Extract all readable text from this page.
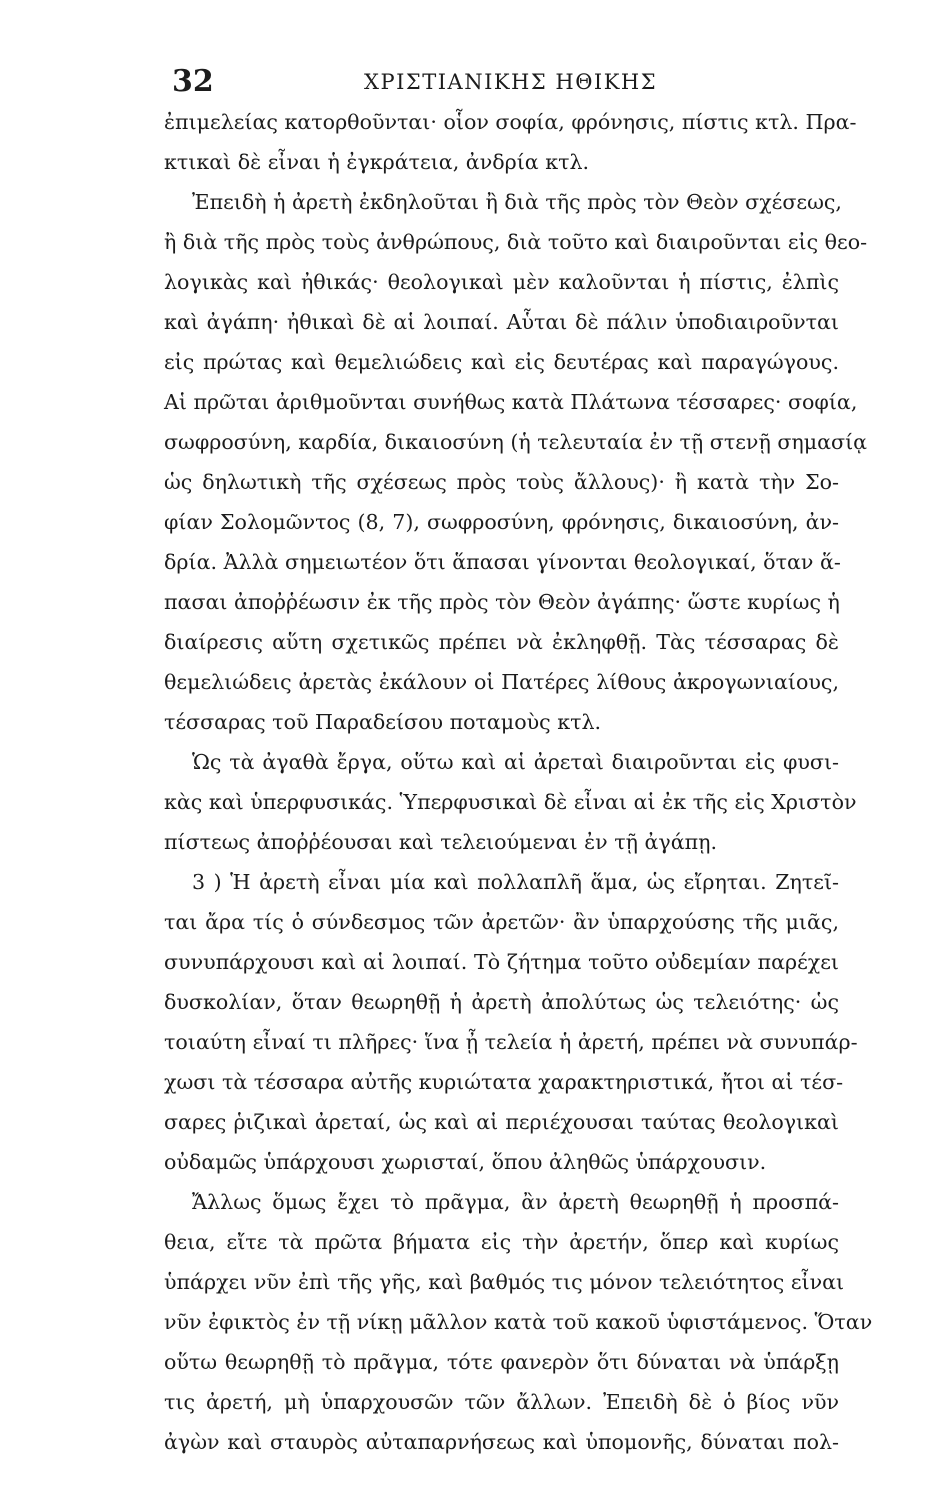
32	ΧΡΙΣΤΙΑΝΙΚΗΣ ΗΘΙΚΗΣ

ἐπιμελείας κατορθοῦνται· οἷον σοφία, φρόνησις, πίστις κτλ. Πρα-

κτικαὶ δὲ εἶναι ἡ ἐγκράτεια, ἀνδρία κτλ.

Ἐπειδὴ ἡ ἀρετὴ ἐκδηλοῦται ἢ διὰ τῆς πρὸς τὸν Θεὸν σχέσεως,

ἢ διὰ τῆς πρὸς τοὺς ἀνθρώπους, διὰ τοῦτο καὶ διαιροῦνται εἰς θεο-

λογικὰς καὶ ἠθικάς· θεολογικαὶ μὲν καλοῦνται ἡ πίστις, ἐλπὶς

καὶ ἀγάπη· ἠθικαὶ δὲ αἱ λοιπαί. Αὗται δὲ πάλιν ὑποδιαιροῦνται

εἰς πρώτας καὶ θεμελιώδεις καὶ εἰς δευτέρας καὶ παραγώγους.

Αἱ πρῶται ἀριθμοῦνται συνήθως κατὰ Πλάτωνα τέσσαρες· σοφία,

σωφροσύνη, καρδία, δικαιοσύνη (ἡ τελευταία ἐν τῇ στενῇ σημασίᾳ

ὡς δηλωτικὴ τῆς σχέσεως πρὸς τοὺς ἄλλους)· ἢ κατὰ τὴν Σο-

φίαν Σολομῶντος (8, 7), σωφροσύνη, φρόνησις, δικαιοσύνη, ἀν-

δρία. Ἀλλὰ σημειωτέον ὅτι ἅπασαι γίνονται θεολογικαί, ὅταν ἅ-

πασαι ἀποῤῥέωσιν ἐκ τῆς πρὸς τὸν Θεὸν ἀγάπης· ὥστε κυρίως ἡ

διαίρεσις αὕτη σχετικῶς πρέπει νὰ ἐκληφθῇ. Τὰς τέσσαρας δὲ

θεμελιώδεις ἀρετὰς ἐκάλουν οἱ Πατέρες λίθους ἀκρογωνιαίους,

τέσσαρας τοῦ Παραδείσου ποταμοὺς κτλ.

Ὡς τὰ ἀγαθὰ ἔργα, οὕτω καὶ αἱ ἀρεταὶ διαιροῦνται εἰς φυσι-

κὰς καὶ ὑπερφυσικάς. Ὑπερφυσικαὶ δὲ εἶναι αἱ ἐκ τῆς εἰς Χριστὸν

πίστεως ἀποῤῥέουσαι καὶ τελειούμεναι ἐν τῇ ἀγάπῃ.

3 ) Ἡ ἀρετὴ εἶναι μία καὶ πολλαπλῆ ἅμα, ὡς εἴρηται. Ζητεῖ-

ται ἄρα τίς ὁ σύνδεσμος τῶν ἀρετῶν· ἂν ὑπαρχούσης τῆς μιᾶς,

συνυπάρχουσι καὶ αἱ λοιπαί. Τὸ ζήτημα τοῦτο οὐδεμίαν παρέχει

δυσκολίαν, ὅταν θεωρηθῇ ἡ ἀρετὴ ἀπολύτως ὡς τελειότης· ὡς

τοιαύτη εἶναί τι πλῆρες· ἵνα ᾖ τελεία ἡ ἀρετή, πρέπει νὰ συνυπάρ-

χωσι τὰ τέσσαρα αὐτῆς κυριώτατα χαρακτηριστικά, ἤτοι αἱ τέσ-

σαρες ῥιζικαὶ ἀρεταί, ὡς καὶ αἱ περιέχουσαι ταύτας θεολογικαὶ

οὐδαμῶς ὑπάρχουσι χωρισταί, ὅπου ἀληθῶς ὑπάρχουσιν.

Ἄλλως ὅμως ἔχει τὸ πρᾶγμα, ἂν ἀρετὴ θεωρηθῇ ἡ προσπά-

θεια, εἴτε τὰ πρῶτα βήματα εἰς τὴν ἀρετήν, ὅπερ καὶ κυρίως

ὑπάρχει νῦν ἐπὶ τῆς γῆς, καὶ βαθμός τις μόνον τελειότητος εἶναι

νῦν ἐφικτὸς ἐν τῇ νίκῃ μᾶλλον κατὰ τοῦ κακοῦ ὑφιστάμενος. Ὅταν

οὕτω θεωρηθῇ τὸ πρᾶγμα, τότε φανερὸν ὅτι δύναται νὰ ὑπάρξῃ

τις ἀρετή, μὴ ὑπαρχουσῶν τῶν ἄλλων. Ἐπειδὴ δὲ ὁ βίος νῦν

ἀγὼν καὶ σταυρὸς αὐταπαρνήσεως καὶ ὑπομονῆς, δύναται πολ-
